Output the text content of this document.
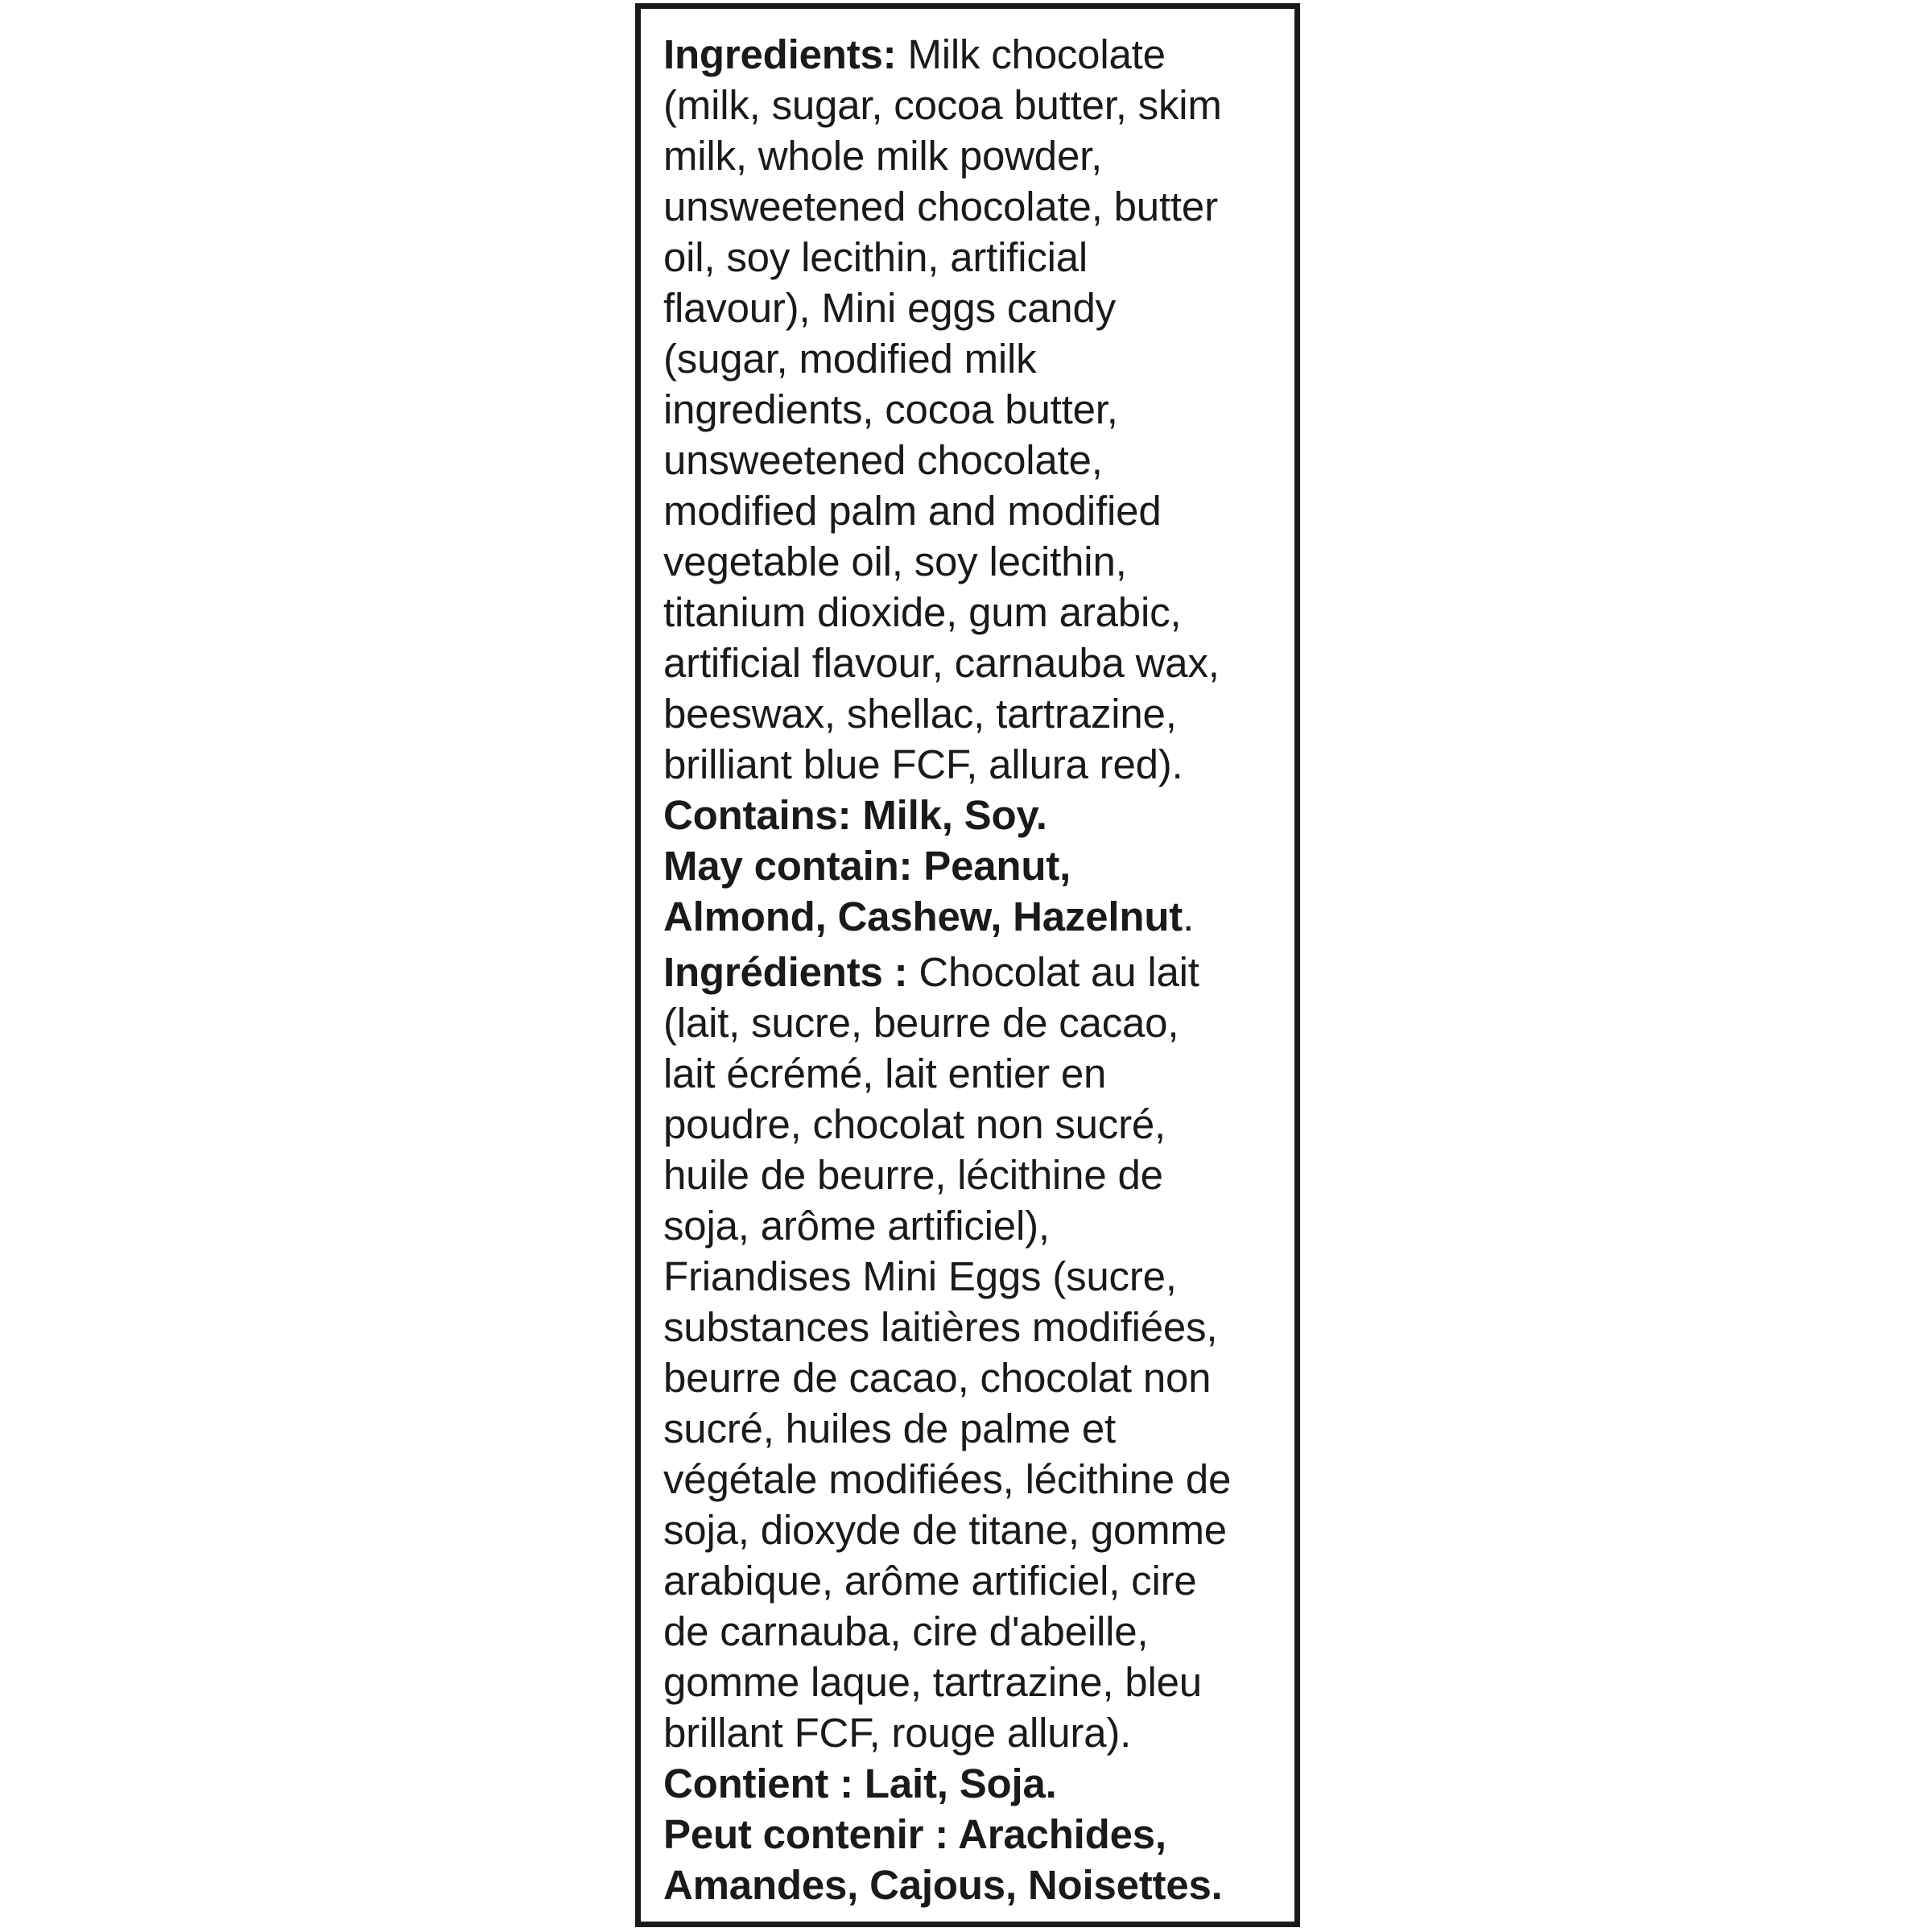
Ingredients: Milk chocolate

(milk, sugar, cocoa butter, skim

milk, whole milk powder,

unsweetened chocolate, butter

oil, soy lecithin, artificial

flavour), Mini eggs candy

(sugar, modified milk

ingredients, cocoa butter,

unsweetened chocolate,

modified palm and modified

vegetable oil, soy lecithin,

titanium dioxide, gum arabic,

artificial flavour, carnauba wax,

beeswax, shellac, tartrazine,

brilliant blue FCF, allura red).

Contains: Milk, Soy.

May contain: Peanut,

Almond, Cashew, Hazelnut.

Ingrédients : Chocolat au lait

(lait, sucre, beurre de cacao,

lait écrémé, lait entier en

poudre, chocolat non sucré,

huile de beurre, lécithine de

soja, arôme artificiel),

Friandises Mini Eggs (sucre,

substances laitières modifiées,

beurre de cacao, chocolat non

sucré, huiles de palme et

végétale modifiées, lécithine de

soja, dioxyde de titane, gomme

arabique, arôme artificiel, cire

de carnauba, cire d'abeille,

gomme laque, tartrazine, bleu

brillant FCF, rouge allura).

Contient : Lait, Soja.

Peut contenir : Arachides,

Amandes, Cajous, Noisettes.
